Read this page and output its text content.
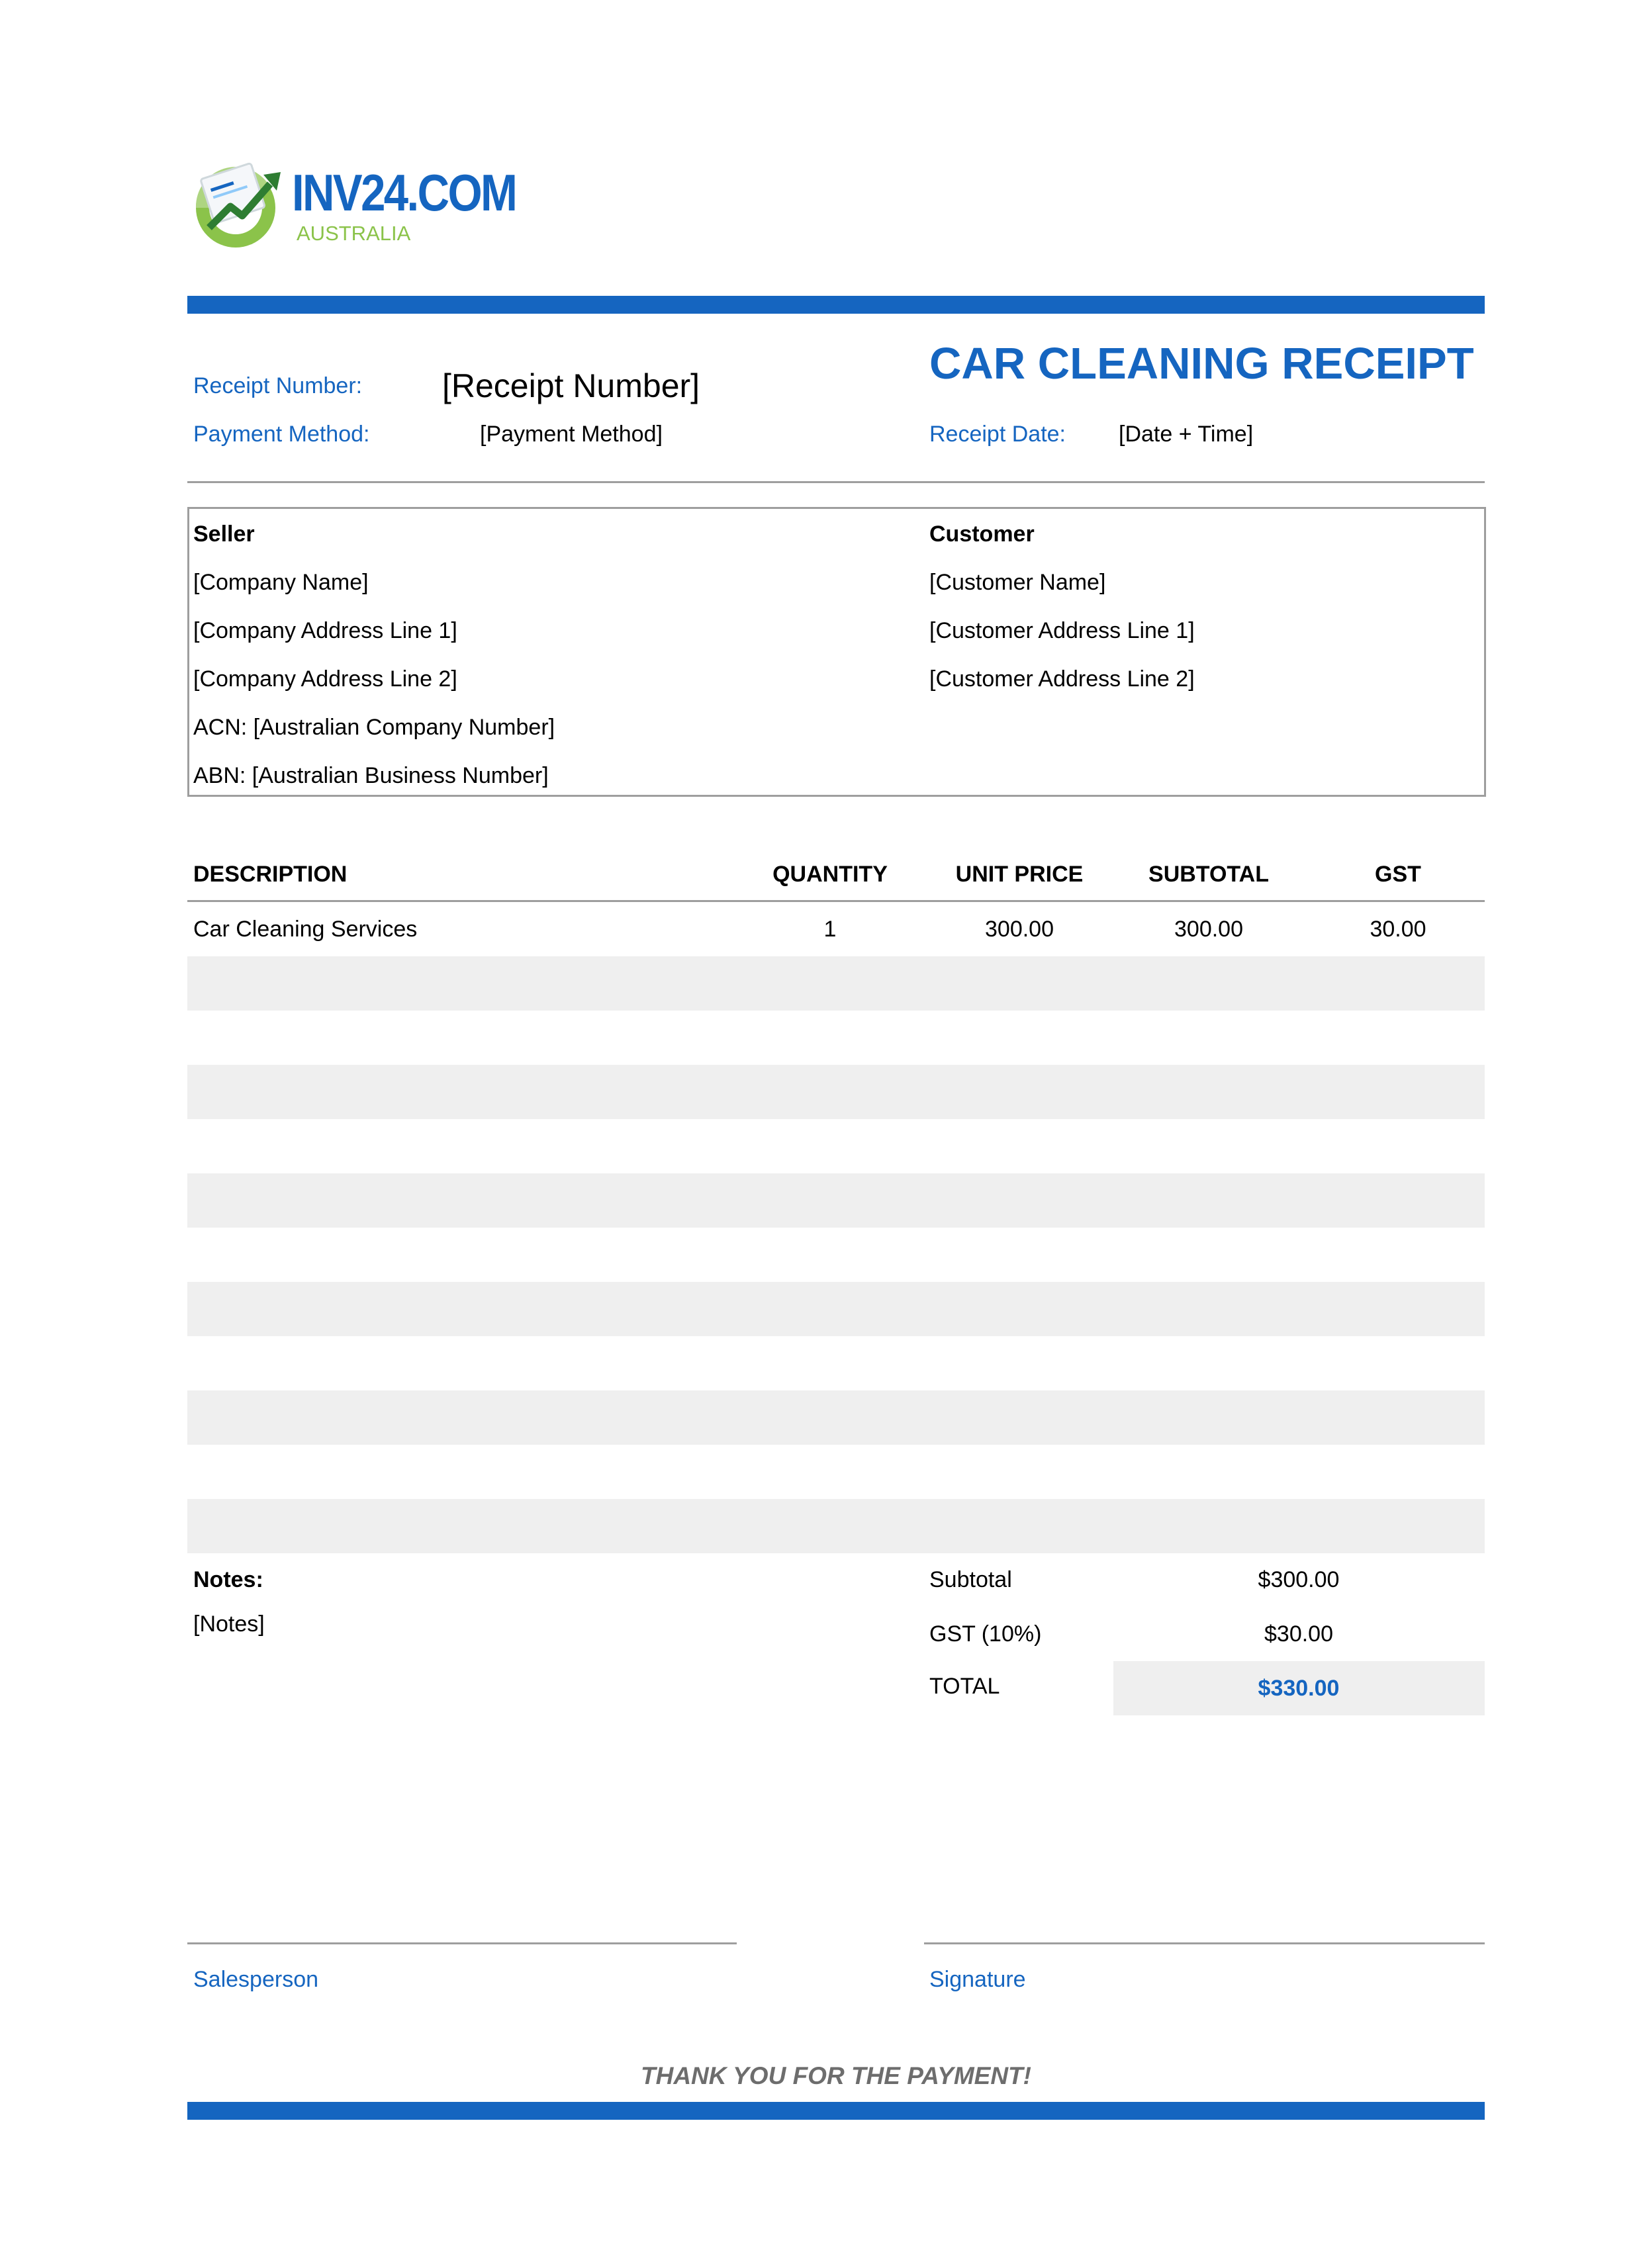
INV24.COM
AUSTRALIA
Receipt Number: [Receipt Number]
Payment Method:	[Payment Method]
CAR CLEANING RECEIPT
Receipt Date: [Date + Time]
Seller
[Company Name]
[Company Address Line 1]
[Company Address Line 2]
ACN: [Australian Company Number]
ABN: [Australian Business Number]
Customer
[Customer Name]
[Customer Address Line 1]
[Customer Address Line 2]
DESCRIPTION	QUANTITY	UNIT PRICE	SUBTOTAL	GST
Car Cleaning Services	1	300.00	300.00	30.00
Notes:
[Notes]
Subtotal	$300.00
GST (10%)	$30.00
TOTAL	$330.00
Salesperson	Signature
THANK YOU FOR THE PAYMENT!
